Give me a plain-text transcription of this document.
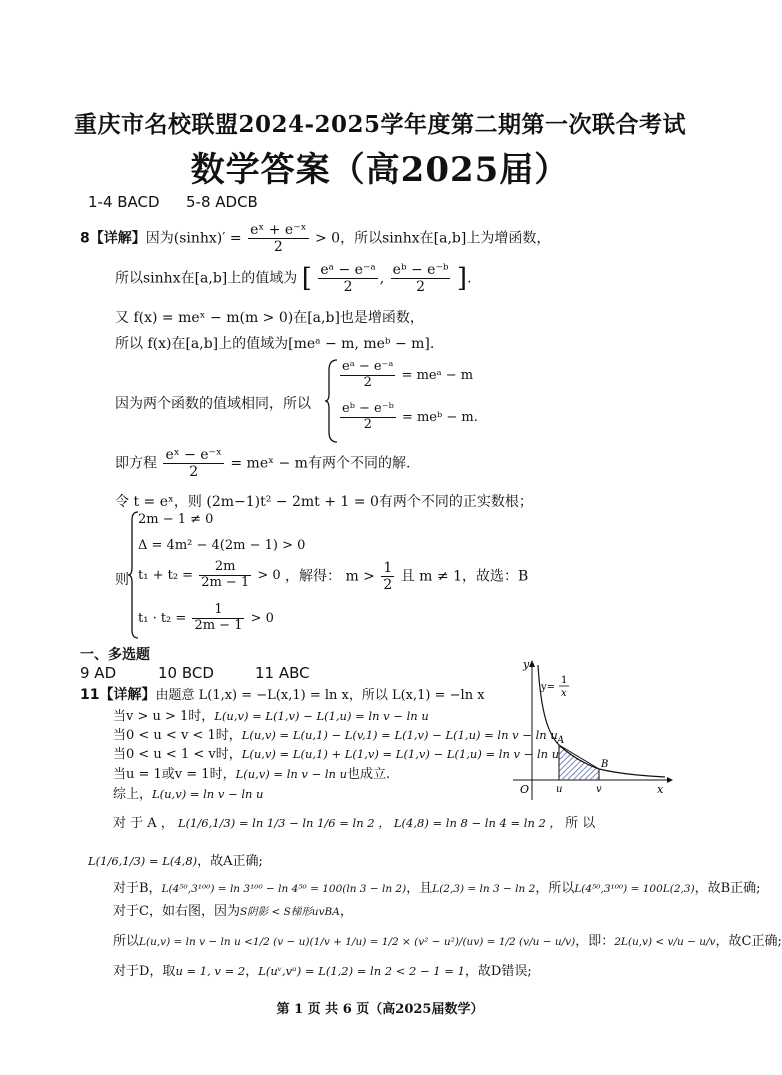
重庆市名校联盟2024-2025学年度第二期第一次联合考试
数学答案（高2025届）
1-4 BACD 5-8 ADCB
8【详解】因为$(\sinh x)' = \frac{\text{eˣ + e⁻ˣ}}{2} > 0$，所以sinhx在[a,b]上为增函数，
所以sinhx在[a,b]上的值域为 [ $\frac{\text{eᵃ − e⁻ᵃ}}{2}$ , $\frac{\text{eᵇ − e⁻ᵇ}}{2}$ ].
又 f(x) = meˣ − m(m > 0)在[a,b]也是增函数，
所以 f(x)在[a,b]上的值域为[meᵃ − m, meᵇ − m].
因为两个函数的值域相同，所以
$\frac{\text{eᵃ − e⁻ᵃ}}{2}$ = meᵃ − m
$\frac{\text{eᵇ − e⁻ᵇ}}{2}$ = meᵇ − m.
即方程 $\frac{\text{eˣ − e⁻ˣ}}{2}$ = meˣ − m有两个不同的解.
令 t = eˣ，则 (2m−1)t² − 2mt + 1 = 0有两个不同的正实数根；
则
2m − 1 ≠ 0
Δ = 4m² − 4(2m − 1) > 0
$t_1 + t_2 = \frac{2m}{2m - 1} > 0$
$t_1 \cdot t_2 = \frac{1}{2m - 1} > 0$
，解得： $m > \frac{1}{2}$ 且 m ≠ 1，故选：B
一、多选题
9 AD	10 BCD	11 ABC
11【详解】由题意 L(1,x) = −L(x,1) = ln x，所以 L(x,1) = −ln x
当v > u > 1时，L(u,v) = L(1,v) − L(1,u) = ln v − ln u
当0 < u < v < 1时，L(u,v) = L(u,1) − L(v,1) = L(1,v) − L(1,u) = ln v − ln u
当0 < u < 1 < v时，L(u,v) = L(u,1) + L(1,v) = L(1,v) − L(1,u) = ln v − ln u
当u = 1或v = 1时，L(u,v) = ln v − ln u也成立.
综上，L(u,v) = ln v − ln u
对 于 A ， L(1/6,1/3) = ln 1/3 − ln 1/6 = ln 2 ， L(4,8) = ln 8 − ln 4 = ln 2 ， 所 以
L(1/6,1/3) = L(4,8)，故A正确;
对于B，L(4⁵⁰,3¹⁰⁰) = ln 3¹⁰⁰ − ln 4⁵⁰ = 100(ln 3 − ln 2)，且L(2,3) = ln 3 − ln 2，所以L(4⁵⁰,3¹⁰⁰) = 100L(2,3)，故B正确;
对于C，如右图，因为S阴影 < S梯形uvBA，
所以L(u,v) = ln v − ln u <1/2 (v − u)(1/v + 1/u) = 1/2 × (v² − u²)/(uv) = 1/2 (v/u − u/v)，即：2L(u,v) < v/u − u/v，故C正确;
对于D，取u = 1, v = 2，L(uᵛ,vᵘ) = L(1,2) = ln 2 < 2 − 1 = 1，故D错误;
y
x
O
y=
1
x
A
B
u	v
第 1 页 共 6 页（高2025届数学）
